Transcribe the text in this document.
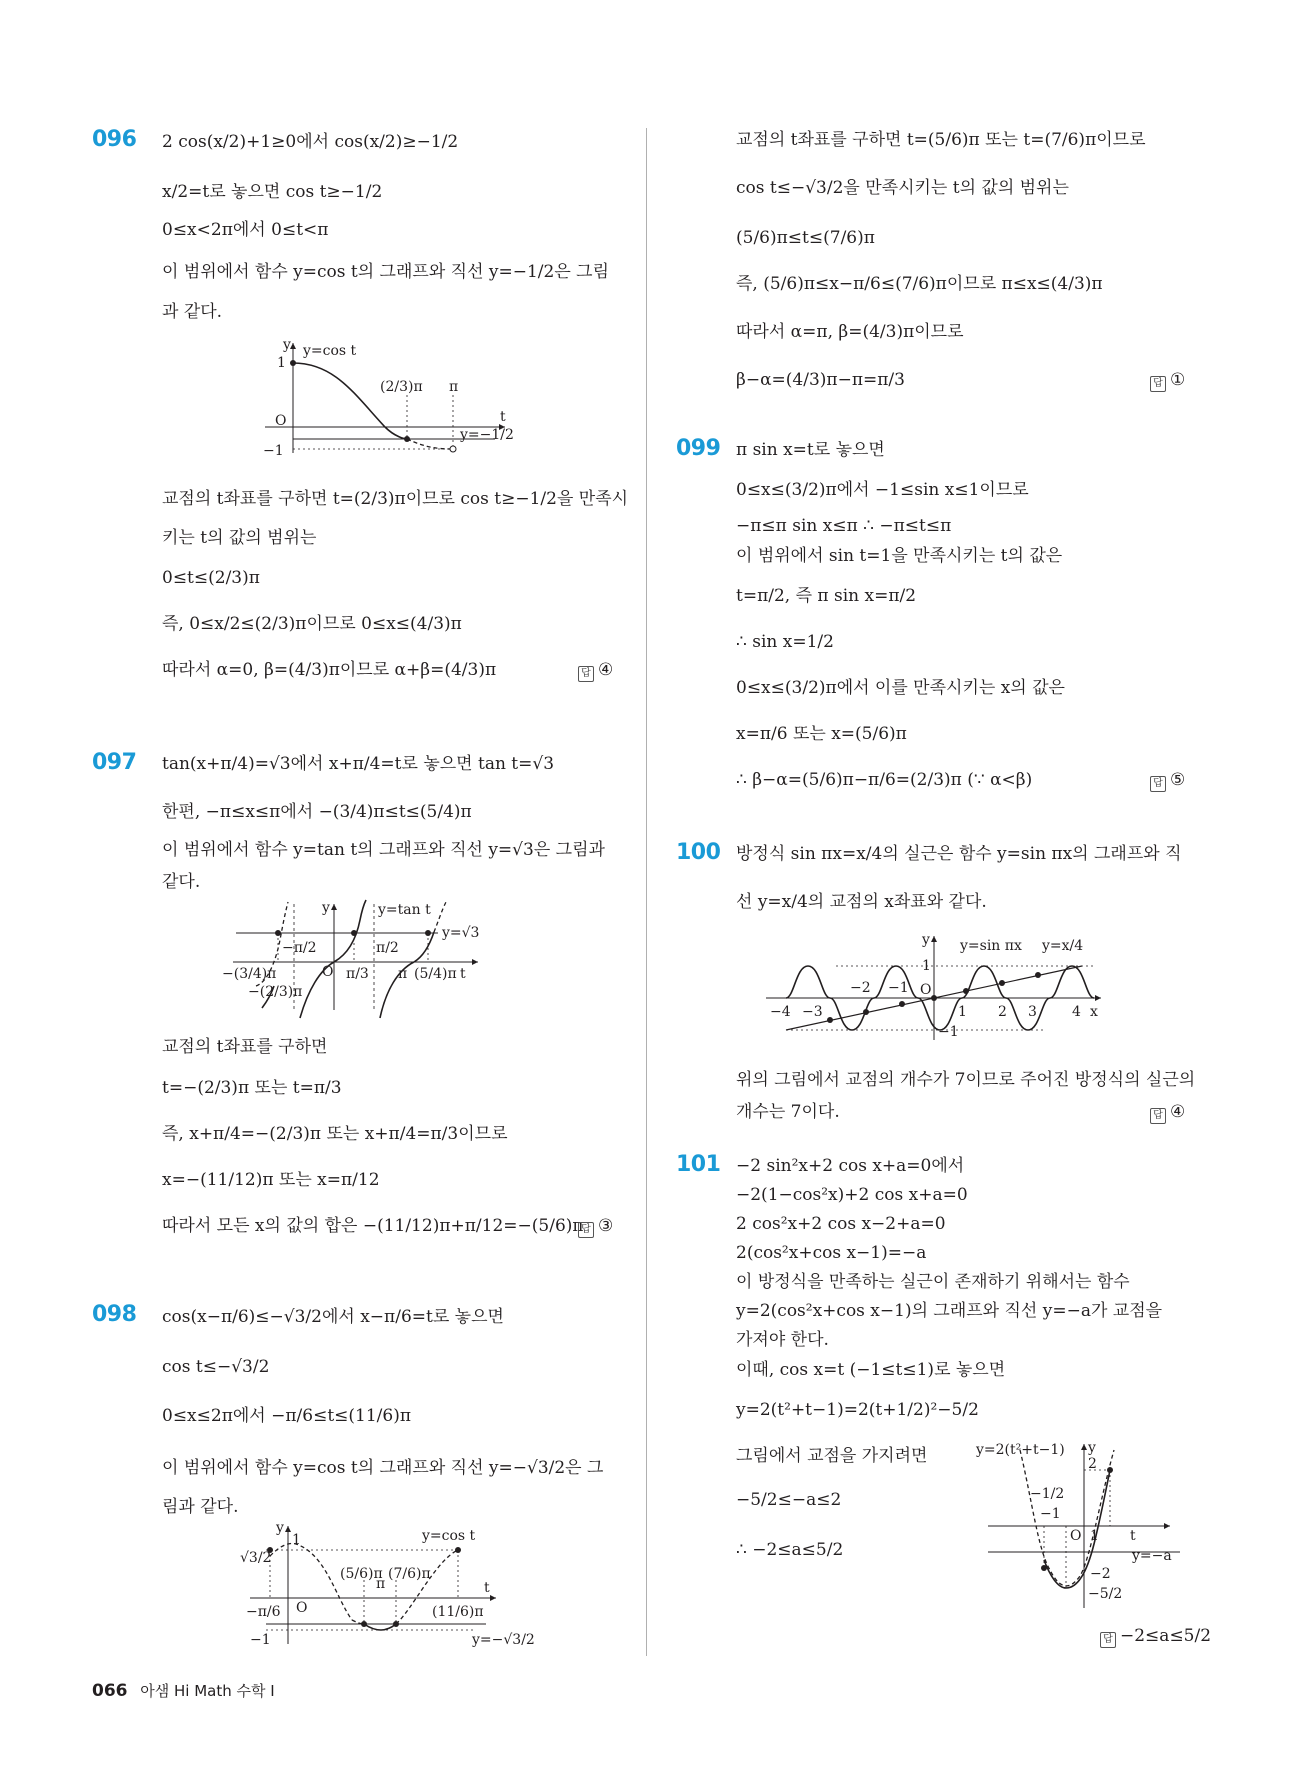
096 2 cos(x/2)+1≥0에서 cos(x/2)≥−1/2
x/2=t로 놓으면 cos t≥−1/2
0≤x<2π에서 0≤t<π
이 범위에서 함수 y=cos t의 그래프와 직선 y=−1/2은 그림
과 같다.
y y=cos t
1
O
−1
(2/3)π π
y=−1/2
t
교점의 t좌표를 구하면 t=(2/3)π이므로 cos t≥−1/2을 만족시
키는 t의 값의 범위는
0≤t≤(2/3)π
즉, 0≤x/2≤(2/3)π이므로 0≤x≤(4/3)π
따라서 α=0, β=(4/3)π이므로 α+β=(4/3)π	답 ④
097 tan(x+π/4)=√3에서 x+π/4=t로 놓으면 tan t=√3
한편, −π≤x≤π에서 −(3/4)π≤t≤(5/4)π
이 범위에서 함수 y=tan t의 그래프와 직선 y=√3은 그림과
같다.
y	y=tan t
y=√3
O	t
−(3/4)π
−π/2
−(2/3)π
π/3
π/2
π (5/4)π
교점의 t좌표를 구하면
t=−(2/3)π 또는 t=π/3
즉, x+π/4=−(2/3)π 또는 x+π/4=π/3이므로
x=−(11/12)π 또는 x=π/12
따라서 모든 x의 값의 합은 −(11/12)π+π/12=−(5/6)π
답 ③
098 cos(x−π/6)≤−√3/2에서 x−π/6=t로 놓으면
cos t≤−√3/2
0≤x≤2π에서 −π/6≤t≤(11/6)π
이 범위에서 함수 y=cos t의 그래프와 직선 y=−√3/2은 그
림과 같다.
y
1	y=cos t
√3/2
O
−1
−π/6
(5/6)π
π
(7/6)π
(11/6)π
t
y=−√3/2
교점의 t좌표를 구하면 t=(5/6)π 또는 t=(7/6)π이므로
cos t≤−√3/2을 만족시키는 t의 값의 범위는
(5/6)π≤t≤(7/6)π
즉, (5/6)π≤x−π/6≤(7/6)π이므로 π≤x≤(4/3)π
따라서 α=π, β=(4/3)π이므로
β−α=(4/3)π−π=π/3	답 ①
099 π sin x=t로 놓으면
0≤x≤(3/2)π에서 −1≤sin x≤1이므로
−π≤π sin x≤π ∴ −π≤t≤π
이 범위에서 sin t=1을 만족시키는 t의 값은
t=π/2, 즉 π sin x=π/2
∴ sin x=1/2
0≤x≤(3/2)π에서 이를 만족시키는 x의 값은
x=π/6 또는 x=(5/6)π
∴ β−α=(5/6)π−π/6=(2/3)π (∵ α<β)	답 ⑤
100 방정식 sin πx=x/4의 실근은 함수 y=sin πx의 그래프와 직
선 y=x/4의 교점의 x좌표와 같다.
y y=sin πx y=x/4
1
−1
O
−4 −3
−2 −1
1 2 3	4 x
위의 그림에서 교점의 개수가 7이므로 주어진 방정식의 실근의
개수는 7이다.	답 ④
101 −2 sin²x+2 cos x+a=0에서
−2(1−cos²x)+2 cos x+a=0
2 cos²x+2 cos x−2+a=0
2(cos²x+cos x−1)=−a
이 방정식을 만족하는 실근이 존재하기 위해서는 함수
y=2(cos²x+cos x−1)의 그래프와 직선 y=−a가 교점을
가져야 한다.
이때, cos x=t (−1≤t≤1)로 놓으면
y=2(t²+t−1)=2(t+1/2)²−5/2
그림에서 교점을 가지려면
−5/2≤−a≤2
∴ −2≤a≤5/2
y=2(t²+t−1) y
2
−1/2
−1
O 1 t
y=−a
−2
−5/2
답 −2≤a≤5/2
066 아샘 Hi Math 수학 I
